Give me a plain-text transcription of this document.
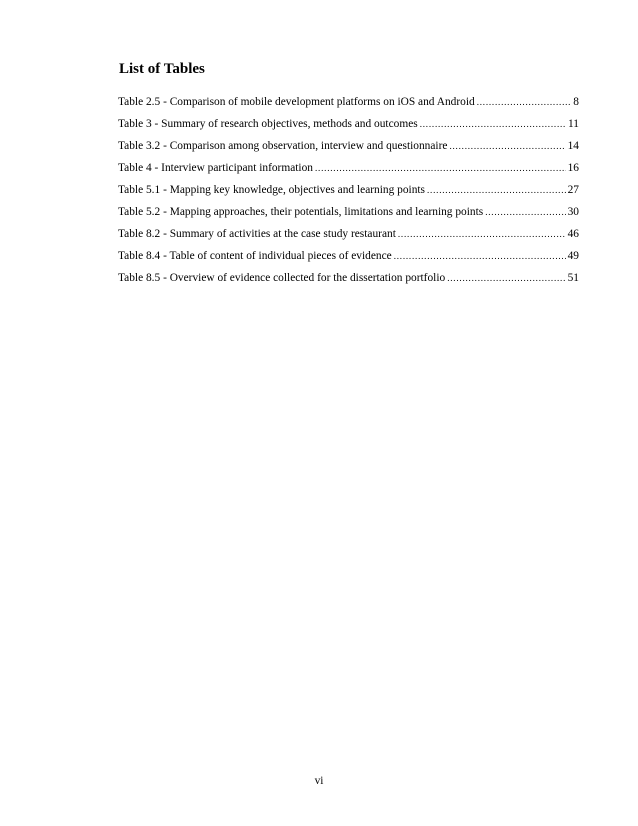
List of Tables
Table 2.5 - Comparison of mobile development platforms on iOS and Android .....	8
Table 3 - Summary of research objectives, methods and outcomes .....	11
Table 3.2 - Comparison among observation, interview and questionnaire .....	14
Table 4 - Interview participant information .....	16
Table 5.1 - Mapping key knowledge, objectives and learning points .....	27
Table 5.2 - Mapping approaches, their potentials, limitations and learning points .....	30
Table 8.2 - Summary of activities at the case study restaurant .....	46
Table 8.4 - Table of content of individual pieces of evidence .....	49
Table 8.5 - Overview of evidence collected for the dissertation portfolio .....	51
vi
